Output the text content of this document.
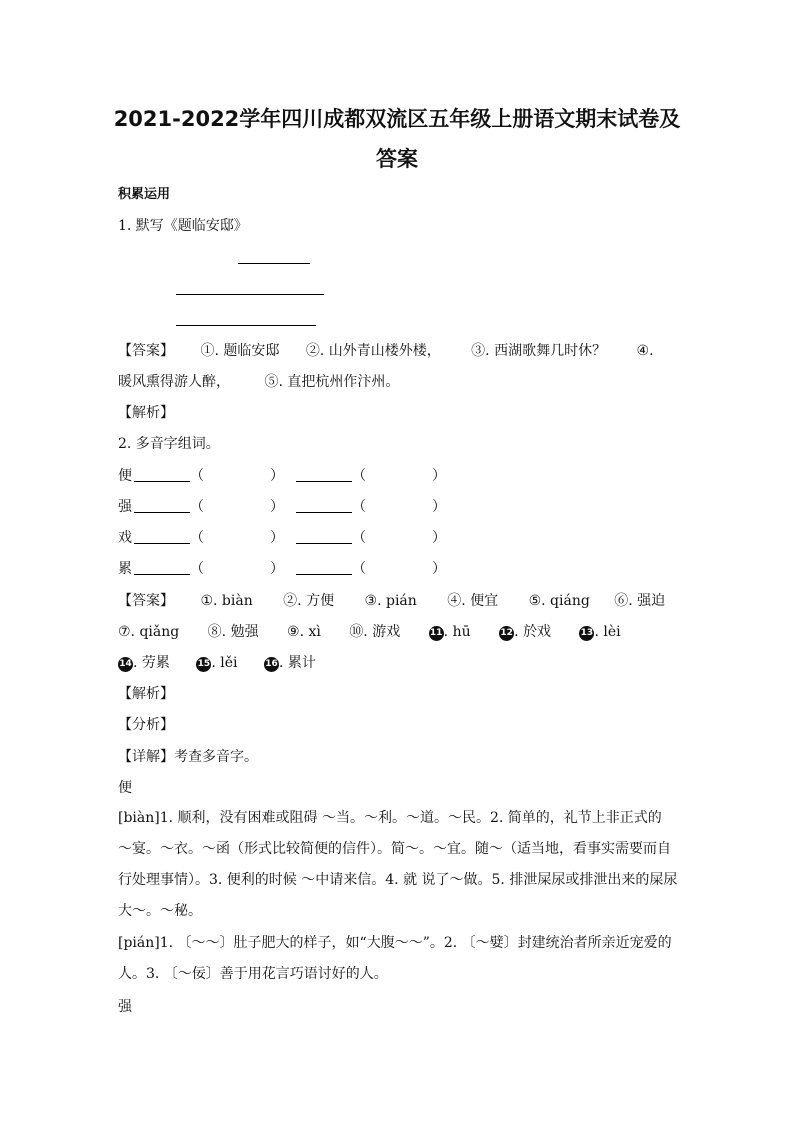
2021-2022学年四川成都双流区五年级上册语文期末试卷及
答案
积累运用
1. 默写《题临安邸》
【答案】 ①. 题临安邸 ②. 山外青山楼外楼， ③. 西湖歌舞几时休？ ④.
暖风熏得游人醉， ⑤. 直把杭州作汴州。
【解析】
2. 多音字组词。
便	（	）	（	）
强	（	）	（	）
戏	（	）	（	）
累	（	）	（	）
【答案】 ①. biàn ②. 方便 ③. pián ④. 便宜 ⑤. qiáng ⑥. 强迫
⑦. qiǎng ⑧. 勉强 ⑨. xì ⑩. 游戏	11. hū	12. 於戏	13. lèi
14. 劳累	15. lěi	16. 累计
【解析】
【分析】
【详解】考查多音字。
便
[biàn]1. 顺利，没有困难或阻碍 ～当。～利。～道。～民。2. 简单的，礼节上非正式的 ～宴。～衣。～函（形式比较简便的信件）。简～。～宜。随～（适当地，看事实需要而自行处理事情）。3. 便利的时候 ～中请来信。4. 就 说了～做。5. 排泄屎尿或排泄出来的屎尿 大～。～秘。
[pián]1. 〔～～〕肚子肥大的样子，如“大腹～～”。2. 〔～嬖〕封建统治者所亲近宠爱的人。3. 〔～佞〕善于用花言巧语讨好的人。
强
